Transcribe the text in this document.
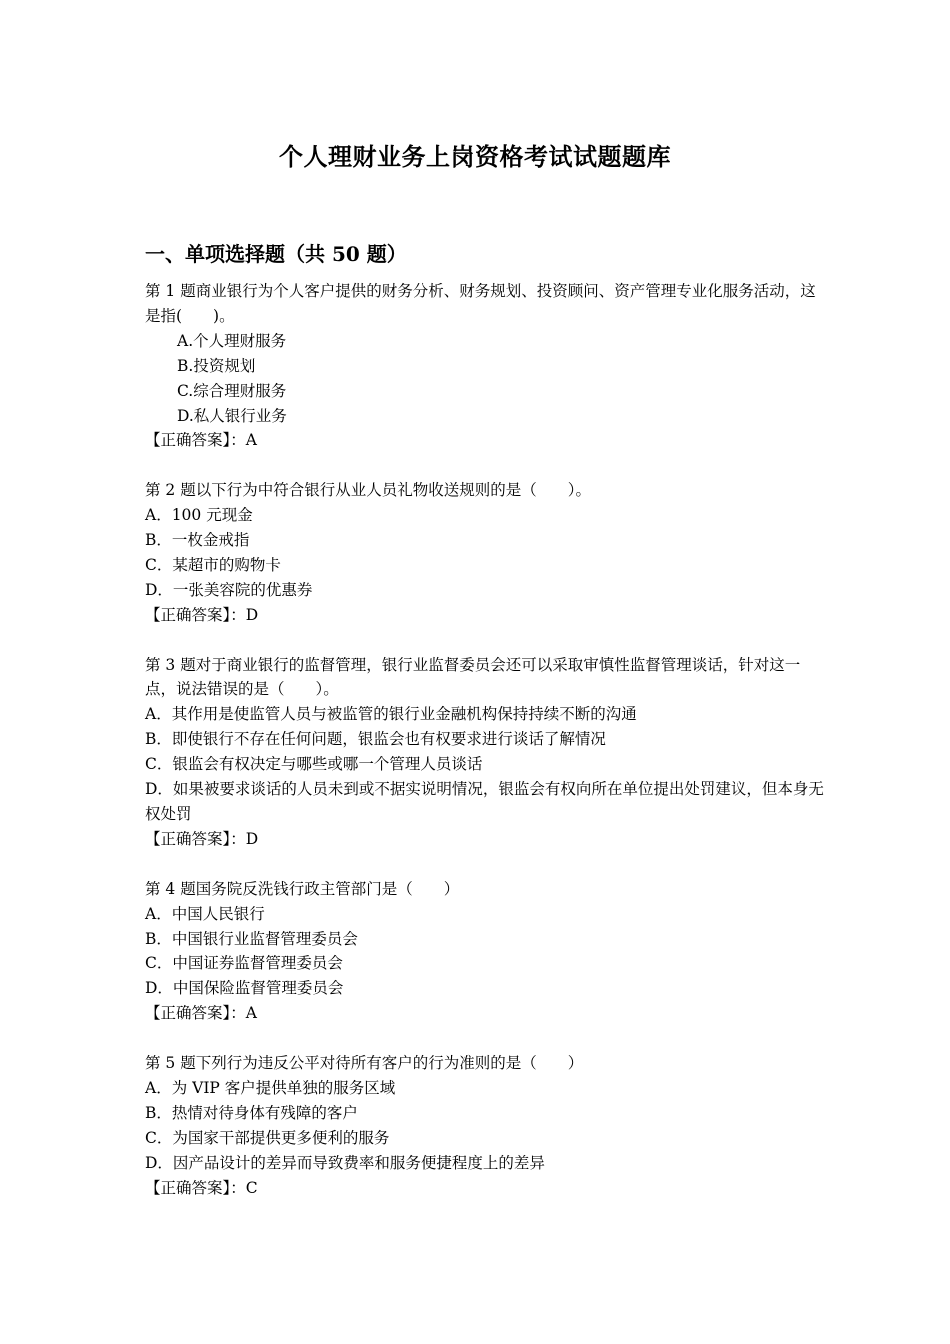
个人理财业务上岗资格考试试题题库
一、单项选择题（共 50 题）
第 1 题商业银行为个人客户提供的财务分析、财务规划、投资顾问、资产管理专业化服务活动，这是指(　　)。
A.个人理财服务
B.投资规划
C.综合理财服务
D.私人银行业务
【正确答案】：A
第 2 题以下行为中符合银行从业人员礼物收送规则的是（　　）。
A．100 元现金
B．一枚金戒指
C．某超市的购物卡
D．一张美容院的优惠券
【正确答案】：D
第 3 题对于商业银行的监督管理，银行业监督委员会还可以采取审慎性监督管理谈话，针对这一点，说法错误的是（　　）。
A．其作用是使监管人员与被监管的银行业金融机构保持持续不断的沟通
B．即使银行不存在任何问题，银监会也有权要求进行谈话了解情况
C．银监会有权决定与哪些或哪一个管理人员谈话
D．如果被要求谈话的人员未到或不据实说明情况，银监会有权向所在单位提出处罚建议，但本身无权处罚
【正确答案】：D
第 4 题国务院反洗钱行政主管部门是（　　）
A．中国人民银行
B．中国银行业监督管理委员会
C．中国证券监督管理委员会
D．中国保险监督管理委员会
【正确答案】：A
第 5 题下列行为违反公平对待所有客户的行为准则的是（　　）
A．为 VIP 客户提供单独的服务区域
B．热情对待身体有残障的客户
C．为国家干部提供更多便利的服务
D．因产品设计的差异而导致费率和服务便捷程度上的差异
【正确答案】：C
